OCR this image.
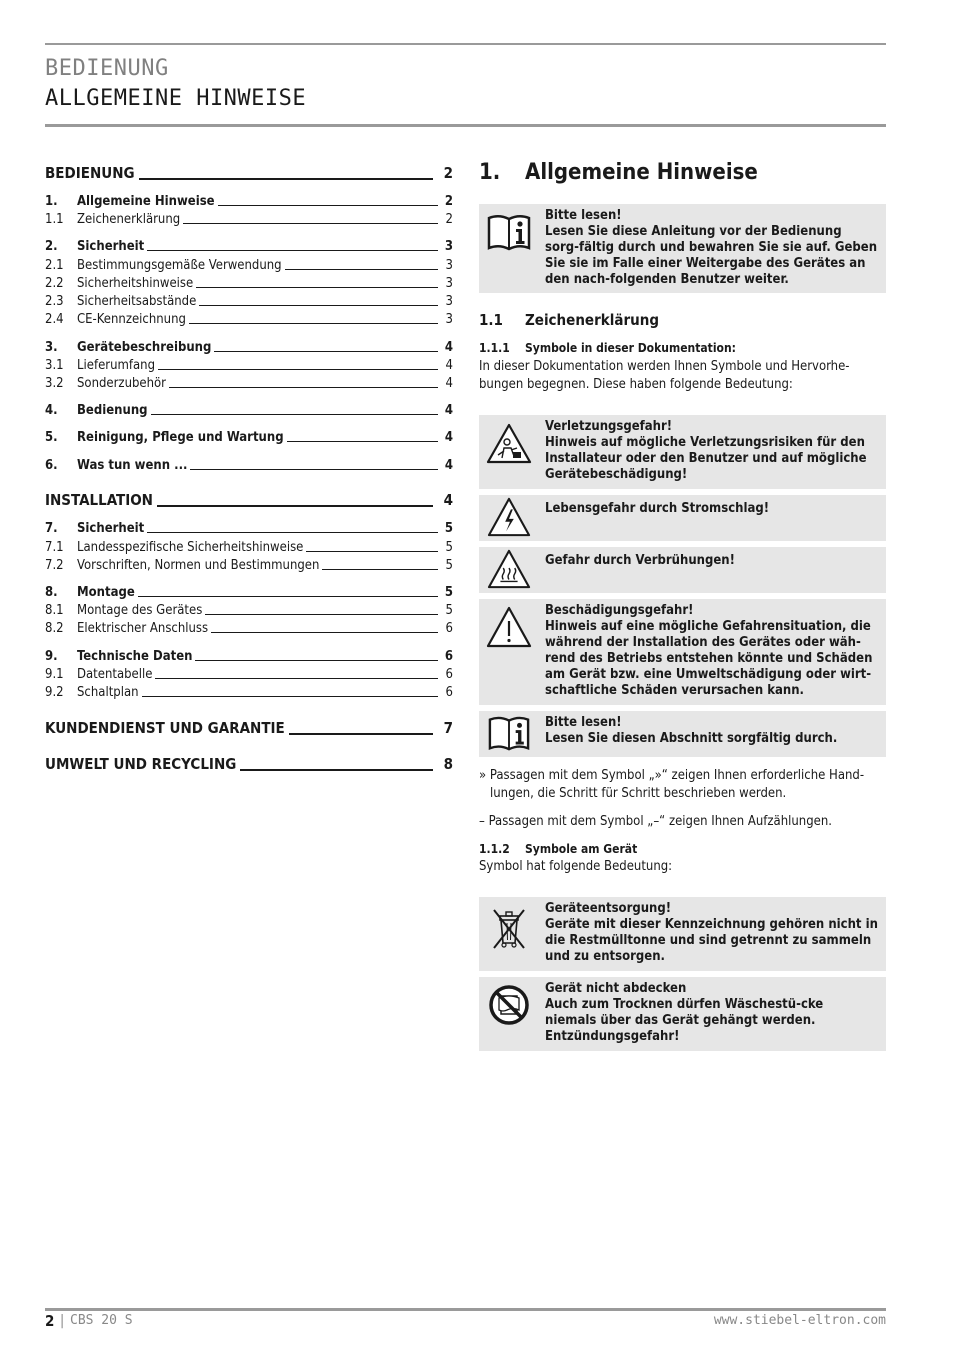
BEDIENUNG
ALLGEMEINE HINWEISE
BEDIENUNG	2
1.	Allgemeine Hinweise	2
1.1	Zeichenerklärung	2
2.	Sicherheit	3
2.1	Bestimmungsgemäße Verwendung	3
2.2	Sicherheitshinweise	3
2.3	Sicherheitsabstände	3
2.4	CE-Kennzeichnung	3
3.	Gerätebeschreibung	4
3.1	Lieferumfang	4
3.2	Sonderzubehör	4
4.	Bedienung	4
5.	Reinigung, Pflege und Wartung	4
6.	Was tun wenn ...	4
INSTALLATION	4
7.	Sicherheit	5
7.1	Landesspezifische Sicherheitshinweise	5
7.2	Vorschriften, Normen und Bestimmungen	5
8.	Montage	5
8.1	Montage des Gerätes	5
8.2	Elektrischer Anschluss	6
9.	Technische Daten	6
9.1	Datentabelle	6
9.2	Schaltplan	6
KUNDENDIENST UND GARANTIE	7
UMWELT UND RECYCLING	8
1. Allgemeine Hinweise
Bitte lesen!
Lesen Sie diese Anleitung vor der Bedienung sorg-fältig durch und bewahren Sie sie auf. Geben Sie sie im Falle einer Weitergabe des Gerätes an den nach-folgenden Benutzer weiter.
1.1 Zeichenerklärung
1.1.1 Symbole in dieser Dokumentation:
In dieser Dokumentation werden Ihnen Symbole und Hervorhe-bungen begegnen. Diese haben folgende Bedeutung:
Verletzungsgefahr!
Hinweis auf mögliche Verletzungsrisiken für den Installateur oder den Benutzer und auf mögliche Gerätebeschädigung!
Lebensgefahr durch Stromschlag!
Gefahr durch Verbrühungen!
Beschädigungsgefahr!
Hinweis auf eine mögliche Gefahrensituation, die während der Installation des Gerätes oder wäh-rend des Betriebs entstehen könnte und Schäden am Gerät bzw. eine Umweltschädigung oder wirt-schaftliche Schäden verursachen kann.
Bitte lesen!
Lesen Sie diesen Abschnitt sorgfältig durch.
» Passagen mit dem Symbol „»“ zeigen Ihnen erforderliche Hand-lungen, die Schritt für Schritt beschrieben werden.
– Passagen mit dem Symbol „–“ zeigen Ihnen Aufzählungen.
1.1.2 Symbole am Gerät
Symbol hat folgende Bedeutung:
Geräteentsorgung!
Geräte mit dieser Kennzeichnung gehören nicht in die Restmülltonne und sind getrennt zu sammeln und zu entsorgen.
Gerät nicht abdecken
Auch zum Trocknen dürfen Wäschestü-cke niemals über das Gerät gehängt werden. Entzündungsgefahr!
2 | CBS 20 S	www.stiebel-eltron.com
